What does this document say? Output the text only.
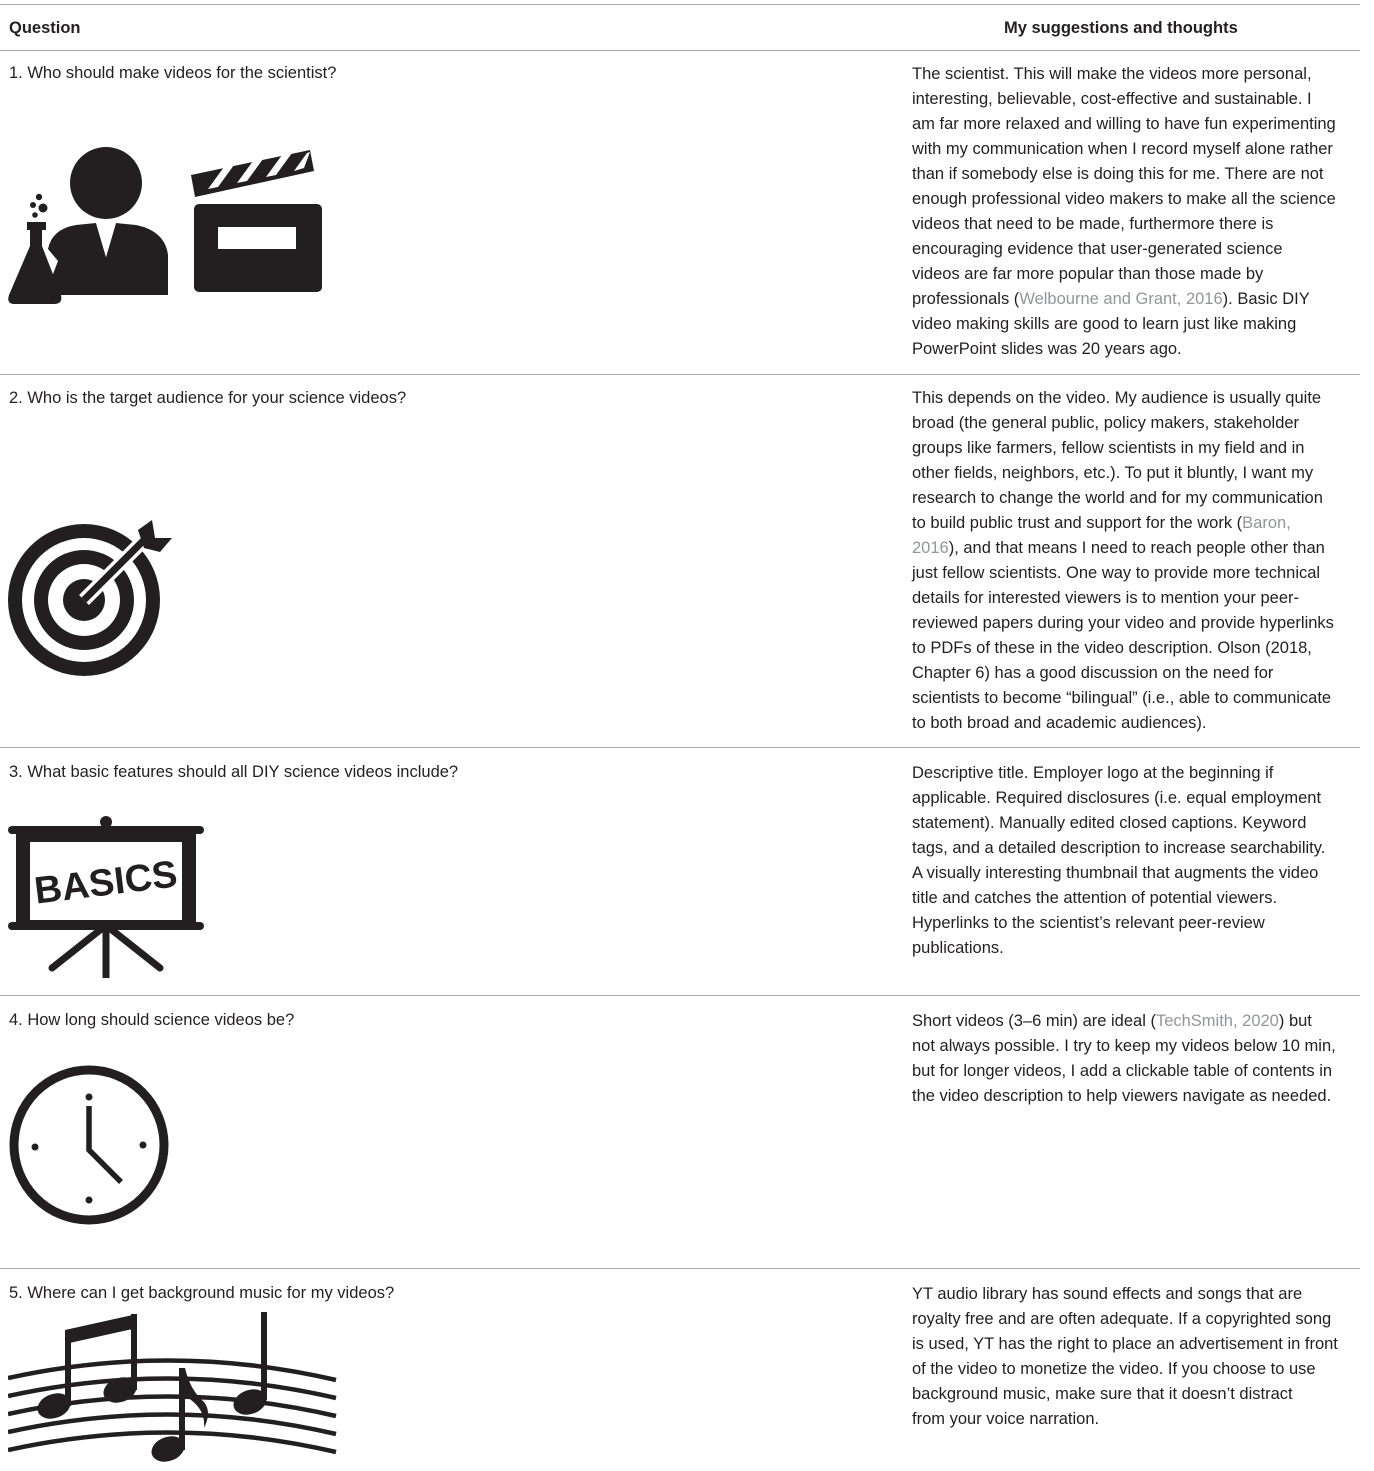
Question	My suggestions and thoughts
1. Who should make videos for the scientist?	The scientist. This will make the videos more personal,
interesting, believable, cost-effective and sustainable. I
am far more relaxed and willing to have fun experimenting
with my communication when I record myself alone rather
than if somebody else is doing this for me. There are not
enough professional video makers to make all the science
videos that need to be made, furthermore there is
encouraging evidence that user-generated science
videos are far more popular than those made by
professionals (Welbourne and Grant, 2016). Basic DIY
video making skills are good to learn just like making
PowerPoint slides was 20 years ago.
2. Who is the target audience for your science videos?	This depends on the video. My audience is usually quite
broad (the general public, policy makers, stakeholder
groups like farmers, fellow scientists in my field and in
other fields, neighbors, etc.). To put it bluntly, I want my
research to change the world and for my communication
to build public trust and support for the work (Baron,
2016), and that means I need to reach people other than
just fellow scientists. One way to provide more technical
details for interested viewers is to mention your peer-
reviewed papers during your video and provide hyperlinks
to PDFs of these in the video description. Olson (2018,
Chapter 6) has a good discussion on the need for
scientists to become “bilingual” (i.e., able to communicate
to both broad and academic audiences).
3. What basic features should all DIY science videos include?	Descriptive title. Employer logo at the beginning if
applicable. Required disclosures (i.e. equal employment
statement). Manually edited closed captions. Keyword
tags, and a detailed description to increase searchability.
A visually interesting thumbnail that augments the video
title and catches the attention of potential viewers.
Hyperlinks to the scientist’s relevant peer-review
publications.
BASICS
4. How long should science videos be?	Short videos (3–6 min) are ideal (TechSmith, 2020) but
not always possible. I try to keep my videos below 10 min,
but for longer videos, I add a clickable table of contents in
the video description to help viewers navigate as needed.
5. Where can I get background music for my videos?	YT audio library has sound effects and songs that are
royalty free and are often adequate. If a copyrighted song
is used, YT has the right to place an advertisement in front
of the video to monetize the video. If you choose to use
background music, make sure that it doesn’t distract
from your voice narration.
